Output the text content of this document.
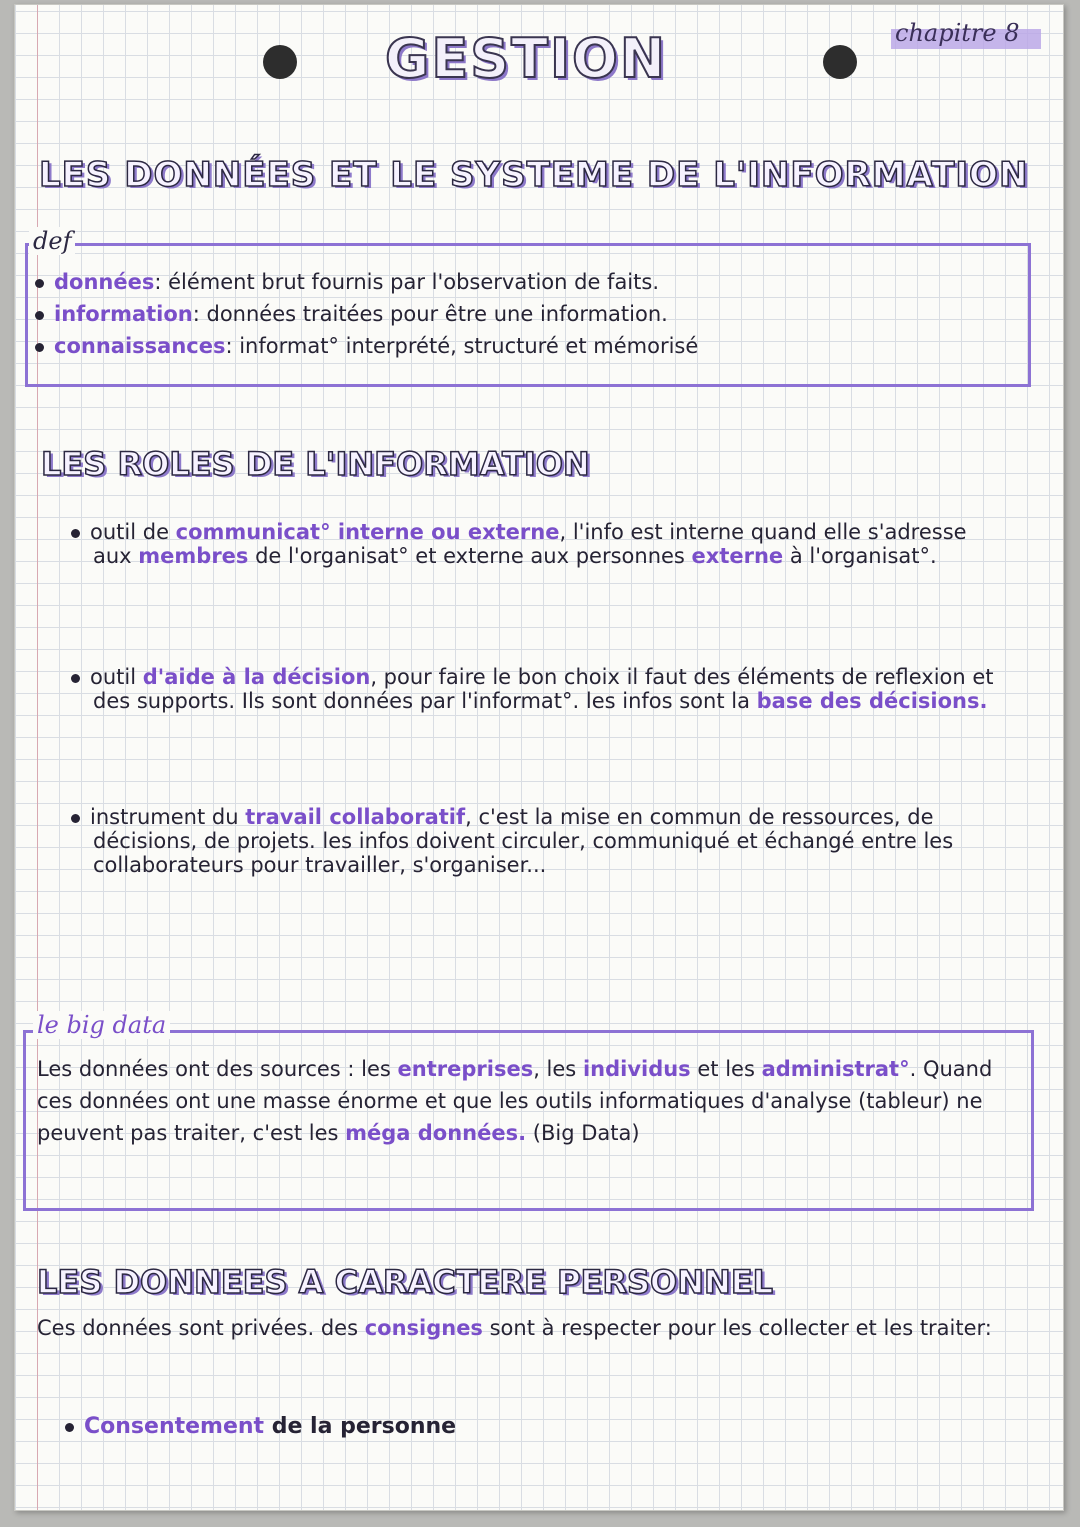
GESTION	chapitre 8
LES DONNÉES ET LE SYSTEME DE L'INFORMATION
def
données: élément brut fournis par l'observation de faits.
information: données traitées pour être une information.
connaissances: informat° interprété, structuré et mémorisé
LES ROLES DE L'INFORMATION

outil de communicat° interne ou externe, l'info est interne quand elle s'adresse aux membres de l'organisat° et externe aux personnes externe à l'organisat°.

outil d'aide à la décision, pour faire le bon choix il faut des éléments de reflexion et des supports. Ils sont données par l'informat°. les infos sont la base des décisions.

instrument du travail collaboratif, c'est la mise en commun de ressources, de décisions, de projets. les infos doivent circuler, communiqué et échangé entre les collaborateurs pour travailler, s'organiser...

le big data

Les données ont des sources : les entreprises, les individus et les administrat°. Quand ces données ont une masse énorme et que les outils informatiques d'analyse (tableur) ne peuvent pas traiter, c'est les méga données. (Big Data)

LES DONNEES A CARACTERE PERSONNEL

Ces données sont privées. des consignes sont à respecter pour les collecter et les traiter:

Consentement de la personne
